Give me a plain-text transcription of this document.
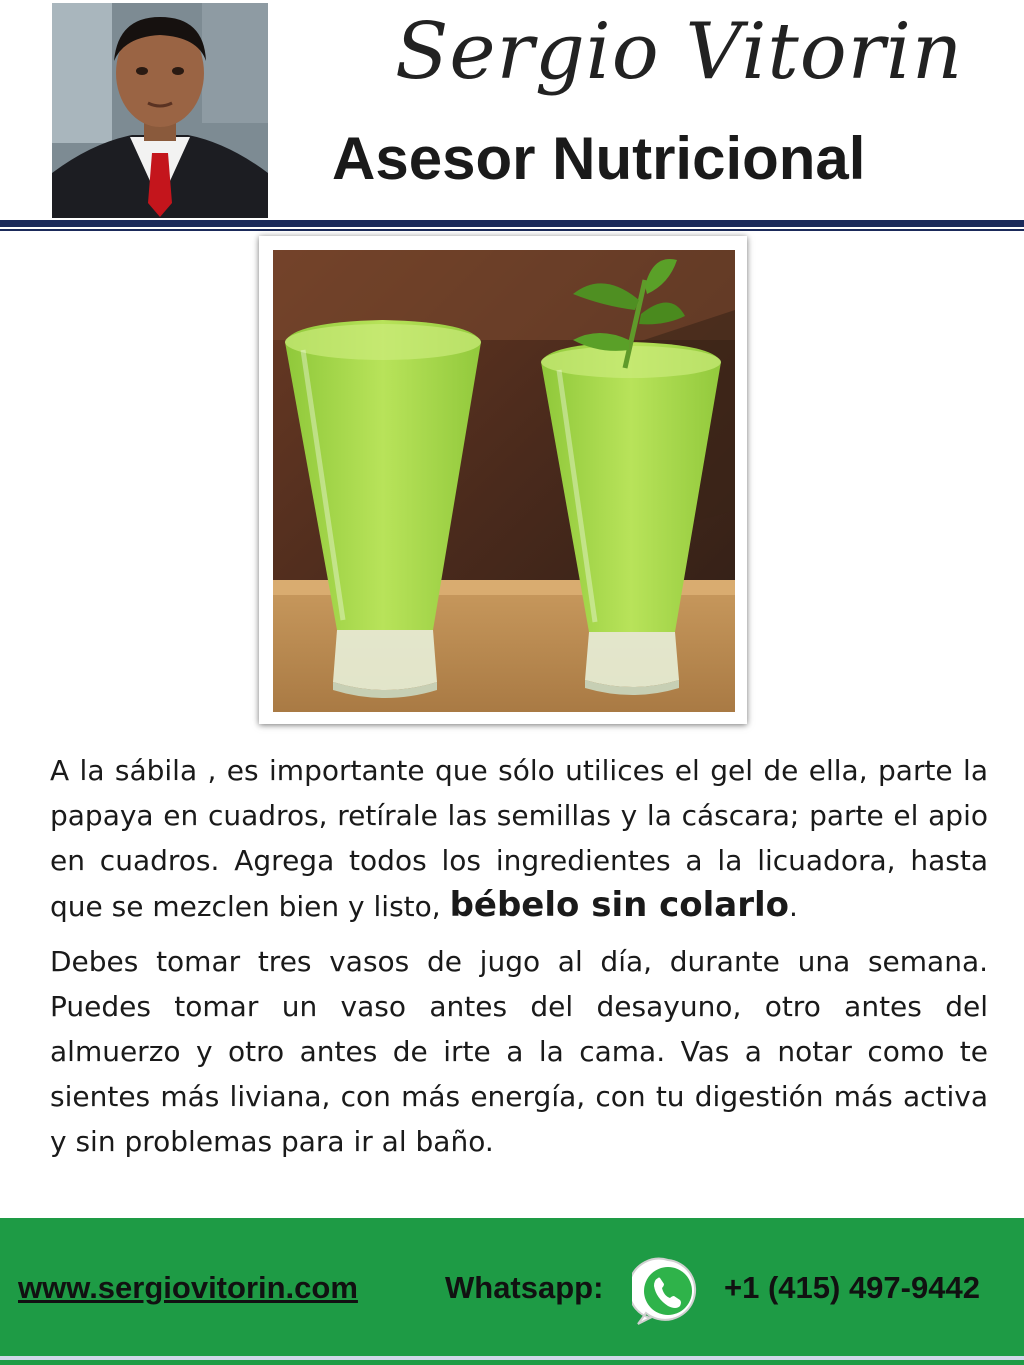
Sergio Vitorin
Asesor Nutricional

A la sábila , es importante que sólo utilices el gel de ella, parte la papaya en cuadros, retírale las semillas y la cáscara; parte el apio en cuadros. Agrega todos los ingredientes a la licuadora, hasta que se mezclen bien y listo, bébelo sin colarlo.

Debes tomar tres vasos de jugo al día, durante una semana. Puedes tomar un vaso antes del desayuno, otro antes del almuerzo y otro antes de irte a la cama. Vas a notar como te sientes más liviana, con más energía, con tu digestión más activa y sin problemas para ir al baño.

www.sergiovitorin.com	Whatsapp:	+1 (415) 497-9442
